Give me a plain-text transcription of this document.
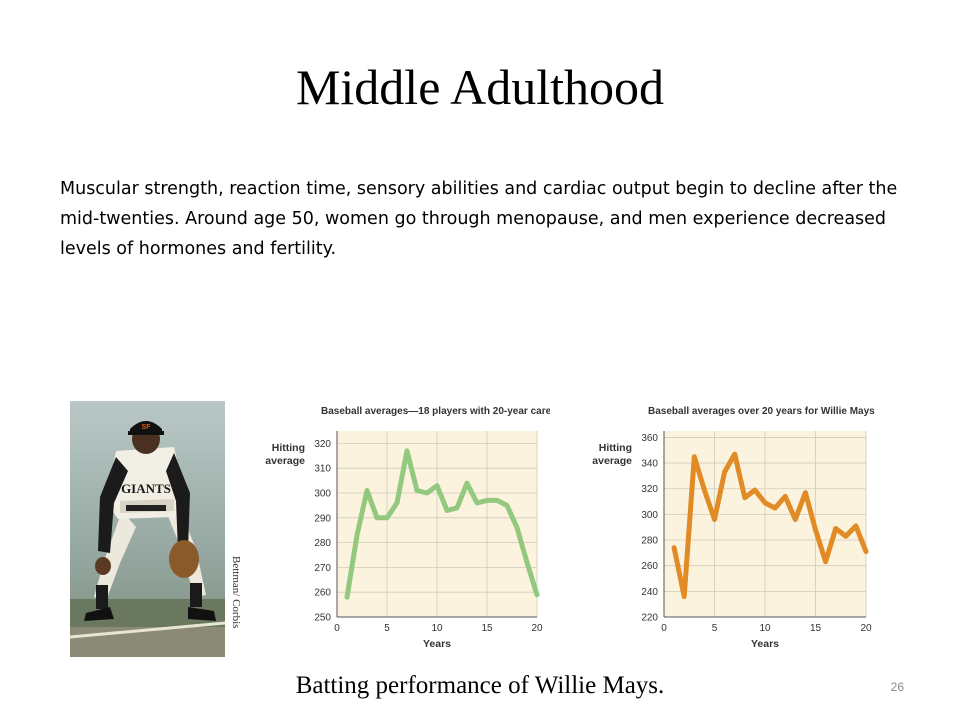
Middle Adulthood
Muscular strength, reaction time, sensory abilities and cardiac output begin to decline after the mid-twenties. Around age 50, women go through menopause, and men experience decreased levels of hormones and fertility.
SF
GIANTS
Bettman/ Corbis
Baseball averages—18 players with 20-year careers
250
260
270
280
290
300
310
320
0	5	10	15	20
Hitting
average
Years
Baseball averages over 20 years for Willie Mays
220
240
260
280
300
320
340
360
0	5	10	15	20
Hitting
average
Years
Batting performance of Willie Mays.	26
